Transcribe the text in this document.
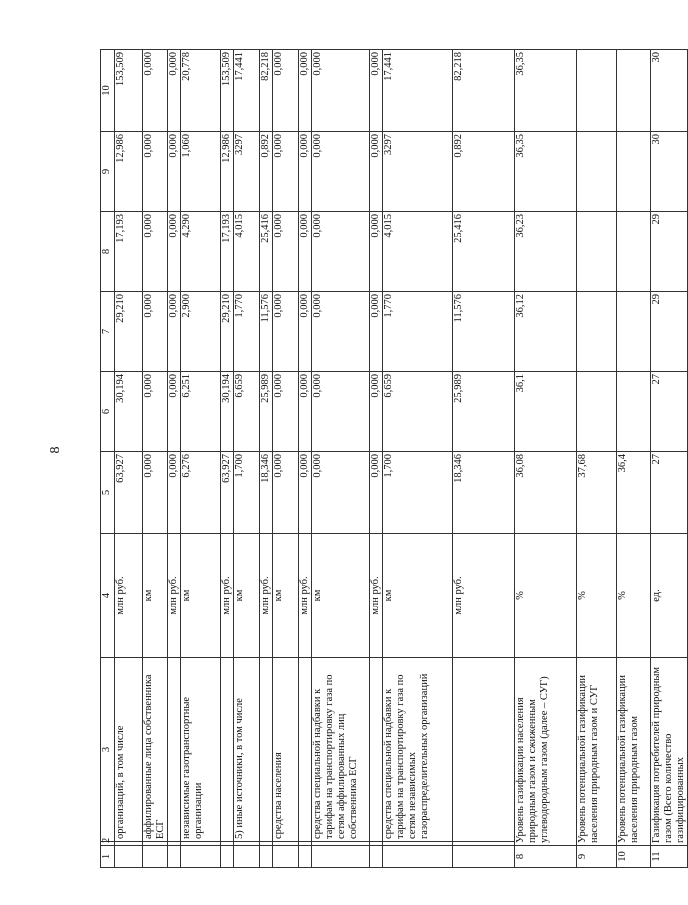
8
1	2	3	4	5	6	7	8	9	10
		организаций, в том числе	млн руб.	63,927	30,194	29,210	17,193	12,986	153,509
		аффилированные лица собственника ЕСГ	км	0,000	0,000	0,000	0,000	0,000	0,000
			млн руб.	0,000	0,000	0,000	0,000	0,000	0,000
		независимые газотранспортные организации	км	6,276	6,251	2,900	4,290	1,060	20,778
			млн руб.	63,927	30,194	29,210	17,193	12,986	153,509
		5) иные источники, в том числе	км	1,700	6,659	1,770	4,015	3297	17,441
			млн руб.	18,346	25,989	11,576	25,416	0,892	82,218
		средства населения	км	0,000	0,000	0,000	0,000	0,000	0,000
			млн руб.	0,000	0,000	0,000	0,000	0,000	0,000
		средства специальной надбавки к тарифам на транспортировку газа по сетям аффилированных лиц собственника ЕСГ	км	0,000	0,000	0,000	0,000	0,000	0,000
			млн руб.	0,000	0,000	0,000	0,000	0,000	0,000
		средства специальной надбавки к тарифам на транспортировку газа по сетям независимых газораспределительных организаций	км	1,700	6,659	1,770	4,015	3297	17,441
			млн руб.	18,346	25,989	11,576	25,416	0,892	82,218
8	Уровень газификации населения природным газом и сжиженным углеводородным газом (далее – СУГ)		%	36,08	36,1	36,12	36,23	36,35	36,35
9	Уровень потенциальной газификации населения природным газом и СУГ		%	37,68					
10	Уровень потенциальной газификации населения природным газом		%	36,4					
11	Газификация потребителей природным газом (Всего количество газифицированных		ед.	27	27	29	29	30	30
